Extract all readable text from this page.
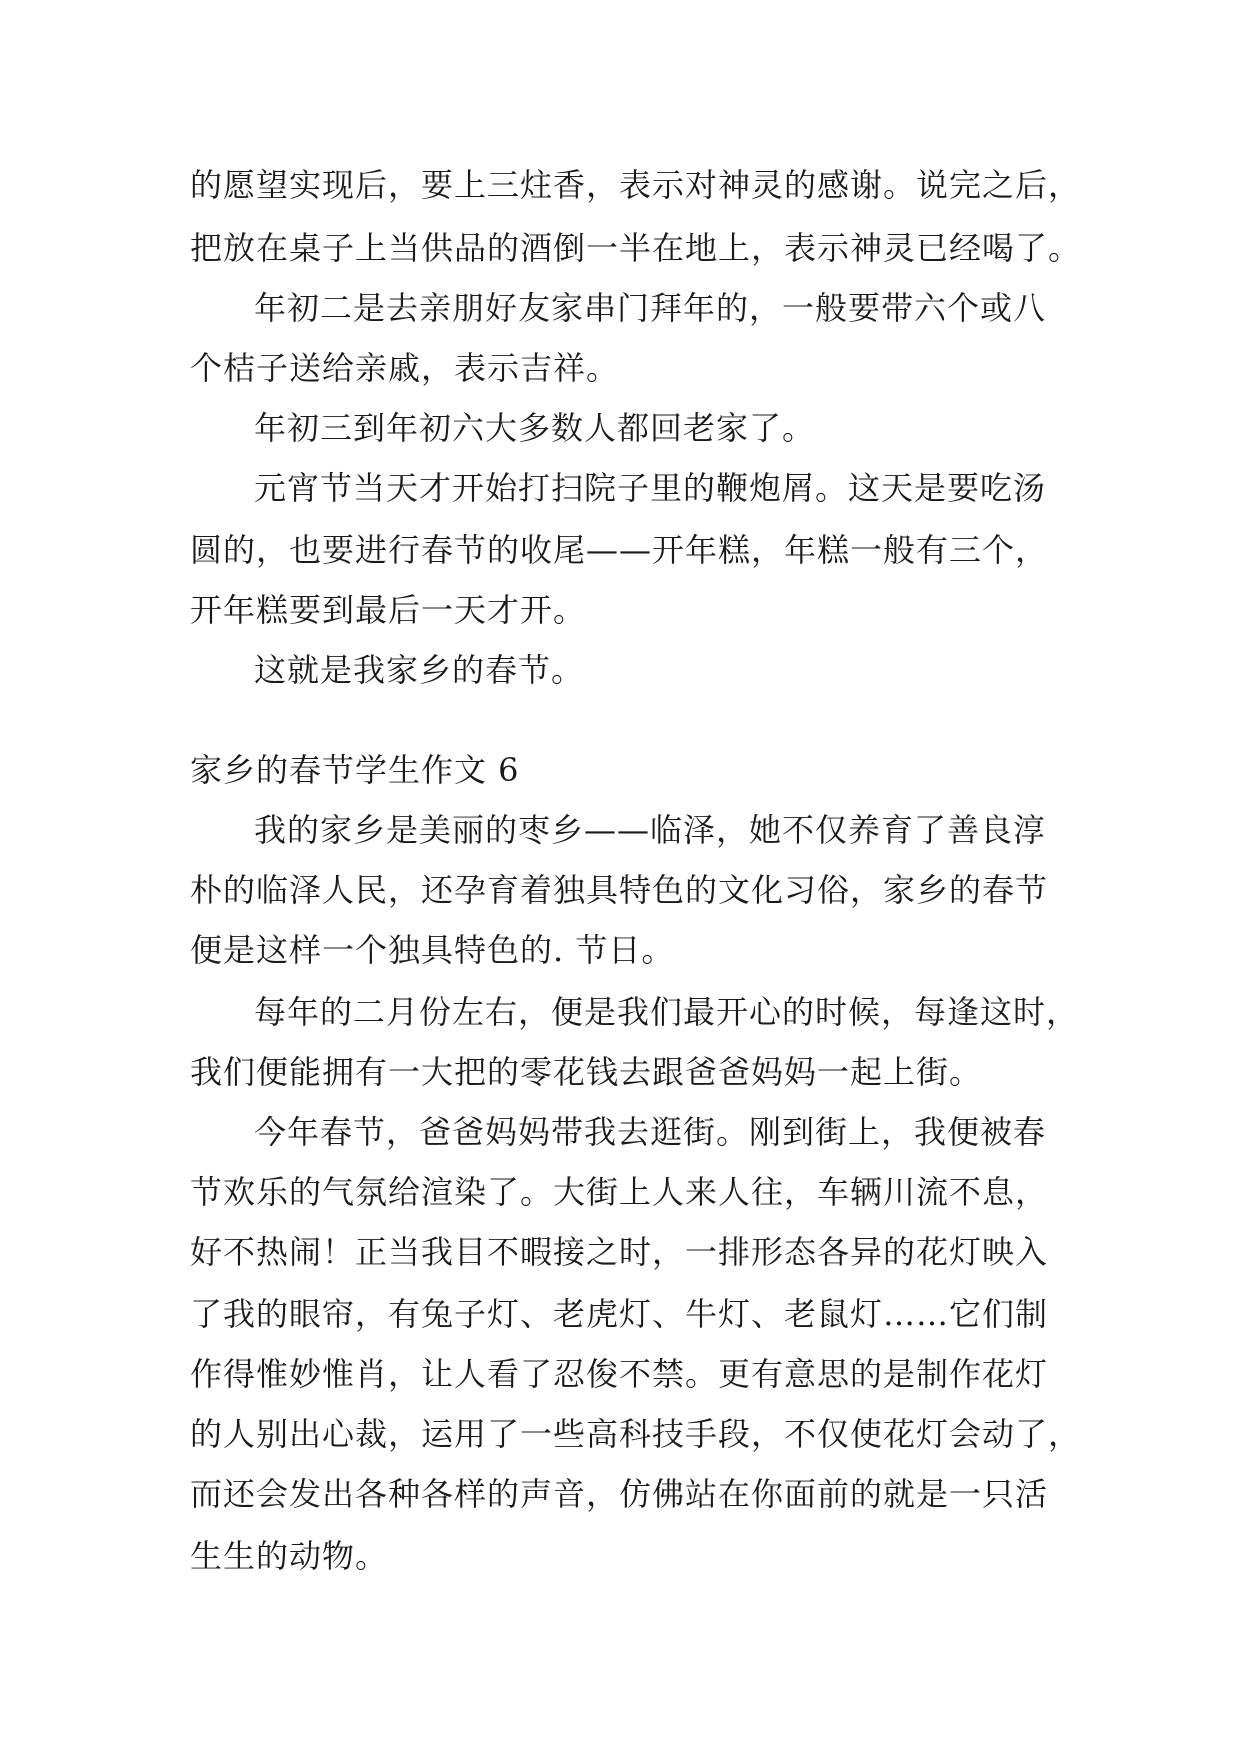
的愿望实现后，要上三炷香，表示对神灵的感谢。说完之后，
把放在桌子上当供品的酒倒一半在地上，表示神灵已经喝了。
年初二是去亲朋好友家串门拜年的，一般要带六个或八
个桔子送给亲戚，表示吉祥。
年初三到年初六大多数人都回老家了。
元宵节当天才开始打扫院子里的鞭炮屑。这天是要吃汤
圆的，也要进行春节的收尾——开年糕，年糕一般有三个，
开年糕要到最后一天才开。
这就是我家乡的春节。
家乡的春节学生作文 6
我的家乡是美丽的枣乡——临泽，她不仅养育了善良淳
朴的临泽人民，还孕育着独具特色的文化习俗，家乡的春节
便是这样一个独具特色的. 节日。
每年的二月份左右，便是我们最开心的时候，每逢这时，
我们便能拥有一大把的零花钱去跟爸爸妈妈一起上街。
今年春节，爸爸妈妈带我去逛街。刚到街上，我便被春
节欢乐的气氛给渲染了。大街上人来人往，车辆川流不息，
好不热闹！正当我目不暇接之时，一排形态各异的花灯映入
了我的眼帘，有兔子灯、老虎灯、牛灯、老鼠灯……它们制
作得惟妙惟肖，让人看了忍俊不禁。更有意思的是制作花灯
的人别出心裁，运用了一些高科技手段，不仅使花灯会动了，
而还会发出各种各样的声音，仿佛站在你面前的就是一只活
生生的动物。
